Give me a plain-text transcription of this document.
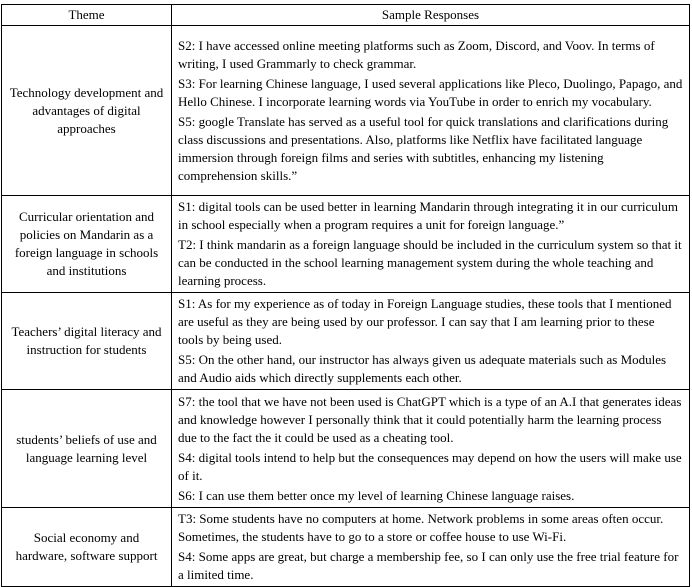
Theme	Sample Responses
Technology development and advantages of digital approaches	S2: I have accessed online meeting platforms such as Zoom, Discord, and Voov. In terms of writing, I used Grammarly to check grammar.

S3: For learning Chinese language, I used several applications like Pleco, Duolingo, Papago, and Hello Chinese. I incorporate learning words via YouTube in order to enrich my vocabulary.

S5: google Translate has served as a useful tool for quick translations and clarifications during class discussions and presentations. Also, platforms like Netflix have facilitated language immersion through foreign films and series with subtitles, enhancing my listening comprehension skills.”

Curricular orientation and policies on Mandarin as a foreign language in schools and institutions	S1: digital tools can be used better in learning Mandarin through integrating it in our curriculum in school especially when a program requires a unit for foreign language.”

T2: I think mandarin as a foreign language should be included in the curriculum system so that it can be conducted in the school learning management system during the whole teaching and learning process.

Teachers’ digital literacy and instruction for students	S1: As for my experience as of today in Foreign Language studies, these tools that I mentioned are useful as they are being used by our professor. I can say that I am learning prior to these tools by being used.

S5: On the other hand, our instructor has always given us adequate materials such as Modules and Audio aids which directly supplements each other.

students’ beliefs of use and language learning level	S7: the tool that we have not been used is ChatGPT which is a type of an A.I that generates ideas and knowledge however I personally think that it could potentially harm the learning process due to the fact the it could be used as a cheating tool.

S4: digital tools intend to help but the consequences may depend on how the users will make use of it.

S6: I can use them better once my level of learning Chinese language raises.

Social economy and hardware, software support	T3: Some students have no computers at home. Network problems in some areas often occur. Sometimes, the students have to go to a store or coffee house to use Wi-Fi.

S4: Some apps are great, but charge a membership fee, so I can only use the free trial feature for a limited time.
